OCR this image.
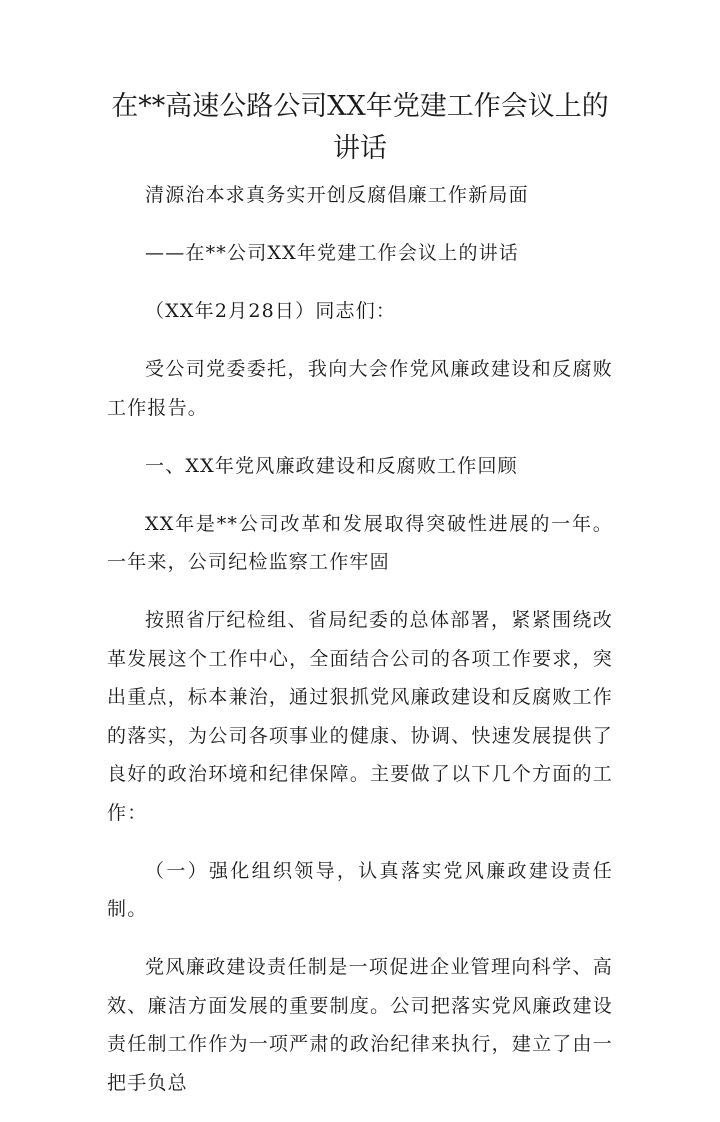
在**高速公路公司XX年党建工作会议上的讲话

清源治本求真务实开创反腐倡廉工作新局面

——在**公司XX年党建工作会议上的讲话

（XX年2月28日）同志们：

受公司党委委托，我向大会作党风廉政建设和反腐败工作报告。

一、XX年党风廉政建设和反腐败工作回顾

XX年是**公司改革和发展取得突破性进展的一年。一年来，公司纪检监察工作牢固

按照省厅纪检组、省局纪委的总体部署，紧紧围绕改革发展这个工作中心，全面结合公司的各项工作要求，突出重点，标本兼治，通过狠抓党风廉政建设和反腐败工作的落实，为公司各项事业的健康、协调、快速发展提供了良好的政治环境和纪律保障。主要做了以下几个方面的工作：

（一）强化组织领导，认真落实党风廉政建设责任制。

党风廉政建设责任制是一项促进企业管理向科学、高效、廉洁方面发展的重要制度。公司把落实党风廉政建设责任制工作作为一项严肃的政治纪律来执行，建立了由一把手负总
